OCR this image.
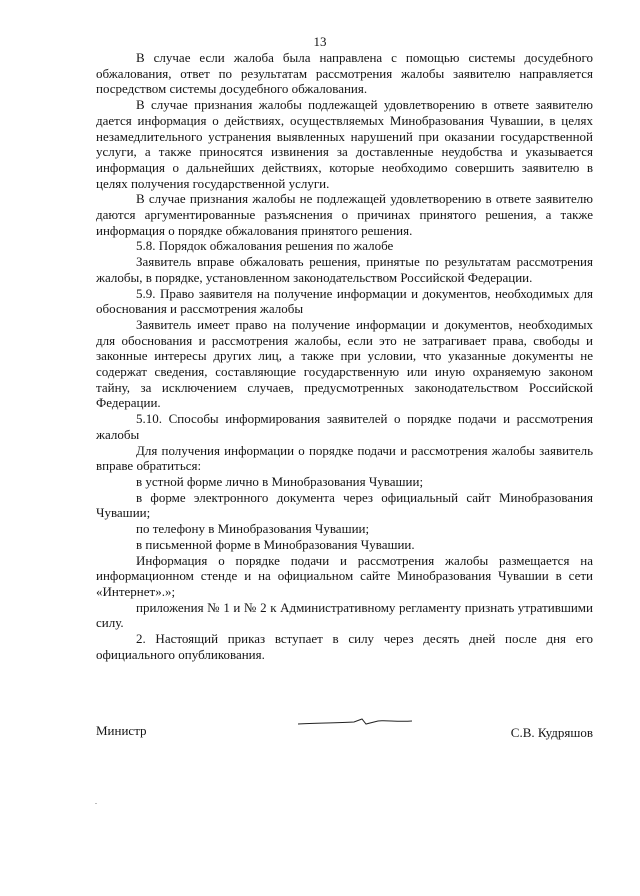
13

В случае если жалоба была направлена с помощью системы досудебного обжалования, ответ по результатам рассмотрения жалобы заявителю направляется посредством системы досудебного обжалования.

В случае признания жалобы подлежащей удовлетворению в ответе заявителю дается информация о действиях, осуществляемых Минобразования Чувашии, в целях незамедлительного устранения выявленных нарушений при оказании государственной услуги, а также приносятся извинения за доставленные неудобства и указывается информация о дальнейших действиях, которые необходимо совершить заявителю в целях получения государственной услуги.

В случае признания жалобы не подлежащей удовлетворению в ответе заявителю даются аргументированные разъяснения о причинах принятого решения, а также информация о порядке обжалования принятого решения.

5.8. Порядок обжалования решения по жалобе

Заявитель вправе обжаловать решения, принятые по результатам рассмотрения жалобы, в порядке, установленном законодательством Российской Федерации.

5.9. Право заявителя на получение информации и документов, необходимых для обоснования и рассмотрения жалобы

Заявитель имеет право на получение информации и документов, необходимых для обоснования и рассмотрения жалобы, если это не затрагивает права, свободы и законные интересы других лиц, а также при условии, что указанные документы не содержат сведения, составляющие государственную или иную охраняемую законом тайну, за исключением случаев, предусмотренных законодательством Российской Федерации.

5.10. Способы информирования заявителей о порядке подачи и рассмотрения жалобы

Для получения информации о порядке подачи и рассмотрения жалобы заявитель вправе обратиться:

в устной форме лично в Минобразования Чувашии;

в форме электронного документа через официальный сайт Минобразования Чувашии;

по телефону в Минобразования Чувашии;

в письменной форме в Минобразования Чувашии.

Информация о порядке подачи и рассмотрения жалобы размещается на информационном стенде и на официальном сайте Минобразования Чувашии в сети «Интернет».»;

приложения № 1 и № 2 к Административному регламенту признать утратившими силу.

2. Настоящий приказ вступает в силу через десять дней после дня его официального опубликования.

Министр	С.В. Кудряшов
